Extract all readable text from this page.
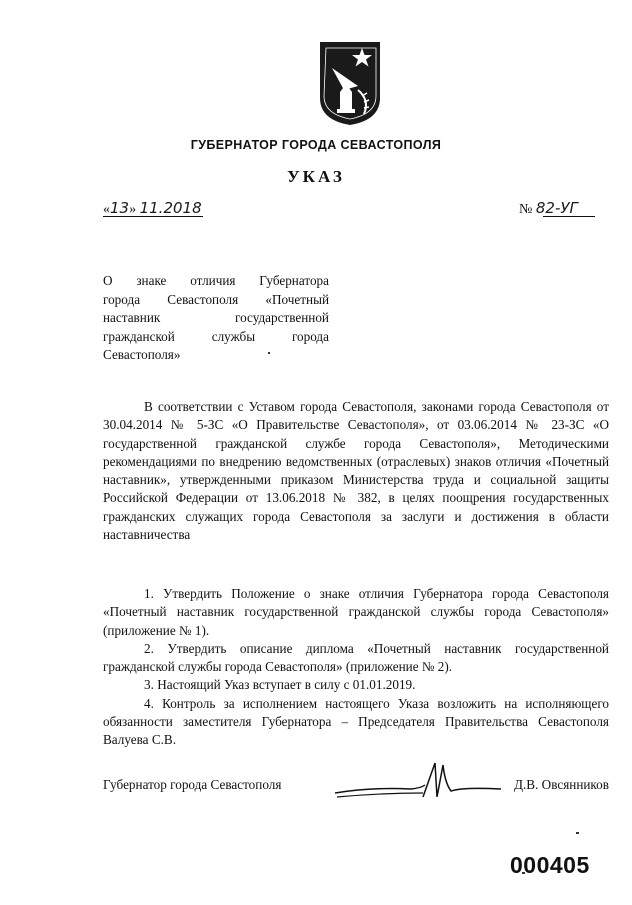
ГУБЕРНАТОР ГОРОДА СЕВАСТОПОЛЯ
УКАЗ
«13» 11.2018	№ 82-УГ
О знаке отличия Губернатора
города Севастополя «Почетный
наставник государственной
гражданской службы города
Севастополя»

В соответствии с Уставом города Севастополя, законами города Севастополя от 30.04.2014 № 5-ЗС «О Правительстве Севастополя», от 03.06.2014 № 23-ЗС «О государственной гражданской службе города Севастополя», Методическими рекомендациями по внедрению ведомственных (отраслевых) знаков отличия «Почетный наставник», утвержденными приказом Министерства труда и социальной защиты Российской Федерации от 13.06.2018 № 382, в целях поощрения государственных гражданских служащих города Севастополя за заслуги и достижения в области наставничества

1. Утвердить Положение о знаке отличия Губернатора города Севастополя «Почетный наставник государственной гражданской службы города Севастополя» (приложение № 1).

2. Утвердить описание диплома «Почетный наставник государственной гражданской службы города Севастополя» (приложение № 2).

3. Настоящий Указ вступает в силу с 01.01.2019.

4. Контроль за исполнением настоящего Указа возложить на исполняющего обязанности заместителя Губернатора – Председателя Правительства Севастополя Валуева С.В.

Губернатор города Севастополя	Д.В. Овсянников
000405
